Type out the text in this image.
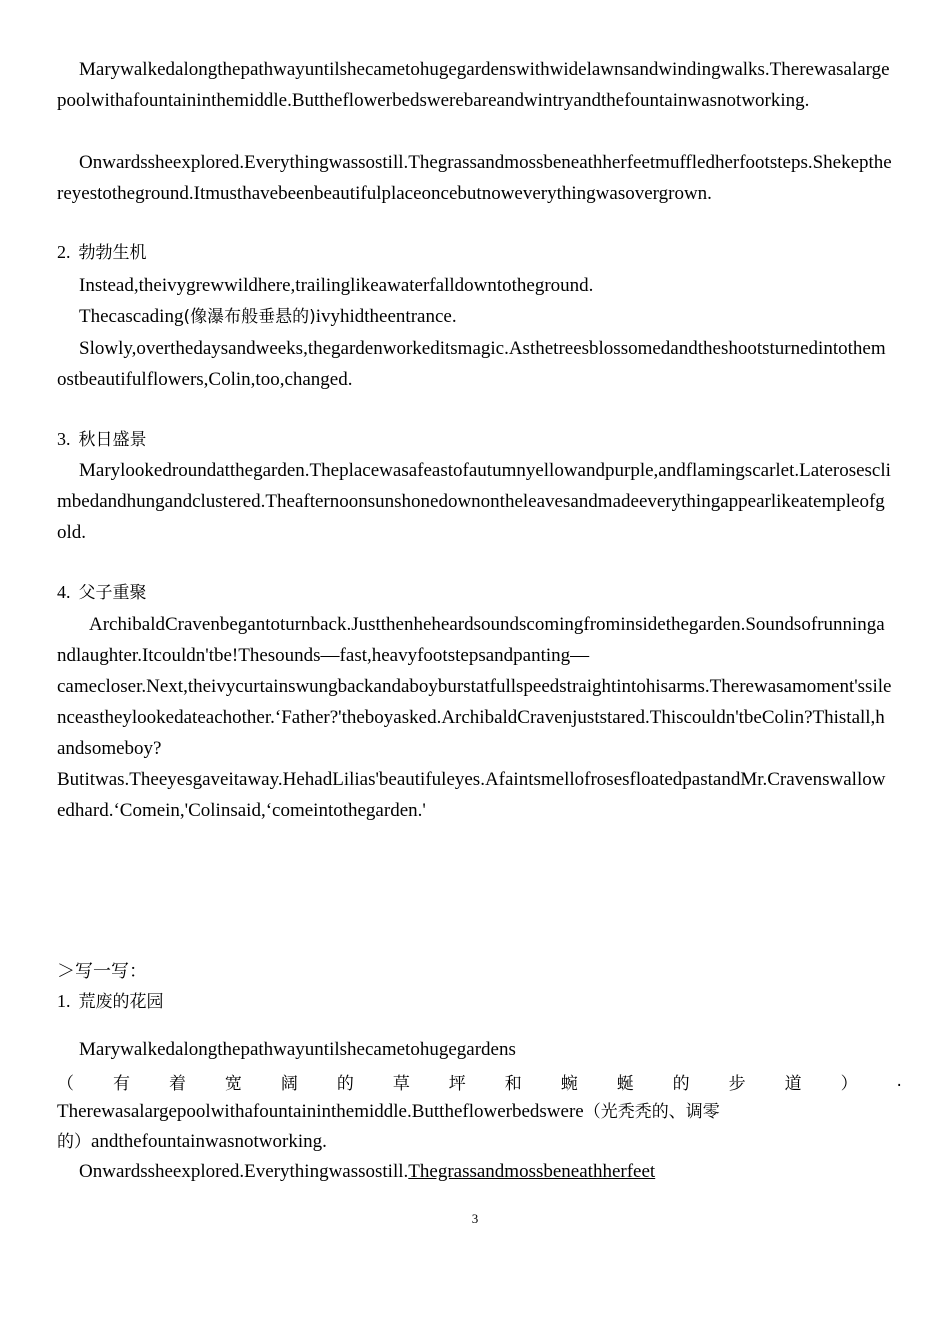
Marywalkedalongthepathwayuntilshecametohugegardenswithwidelawnsandwindingwalks.Therewasalargepoolwithafountaininthemiddle.Buttheflowerbedswerebareandwintryandthefountainwasnotworking.
Onwardssheexplored.Everythingwassostill.Thegrassandmossbeneathherfeetmuffledherfootsteps.Shekepthereyestotheground.Itmusthavebeenbeautifulplaceoncebutnoweverythingwasovergrown.
2. 勃勃生机
Instead,theivygrewwildhere,trailinglikeawaterfalldowntotheground.
Thecascading(像瀑布般垂悬的)ivyhidtheentrance.
Slowly,overthedaysandweeks,thegardenworkeditsmagic.Asthetreesblossomedandtheshootsturnedintothemostbeautifulflowers,Colin,too,changed.
3. 秋日盛景
Marylookedroundatthegarden.Theplacewasafeastofautumnyellowandpurple,andflamingscarlet.Laterosesclimbedandhungandclustered.Theafternoonsunshonedownontheleavesandmadeeverythingappearlikeatempleofgold.
4. 父子重聚
ArchibaldCravenbegantoturnback.Justthenheheardsoundscomingfrominsidethegarden.Soundsofrunningandlaughter.Itcouldn'tbe!Thesounds—fast,heavyfootstepsandpanting—
camecloser.Next,theivycurtainswungbackandaboyburstatfullspeedstraightintohisarms.Therewasamoment'ssilenceastheylookedateachother.‘Father?'theboyasked.ArchibaldCravenjuststared.Thiscouldn'tbeColin?Thistall,handsomeboy?
Butitwas.Theeyesgaveitaway.HehadLilias'beautifuleyes.AfaintsmellofrosesfloatedpastandMr.Cravenswallowedhard.‘Comein,'Colinsaid,‘comeintothegarden.'
＞写一写：
1. 荒废的花园
Marywalkedalongthepathwayuntilshecametohugegardens
（ 有 着 宽 阔 的 草 坪 和 蜿 蜒 的 步 道 ） .
Therewasalargepoolwithafountaininthemiddle.Buttheflowerbedswere（光秃秃的、调零
的）andthefountainwasnotworking.
Onwardssheexplored.Everythingwassostill.Thegrassandmossbeneathherfeet
3
